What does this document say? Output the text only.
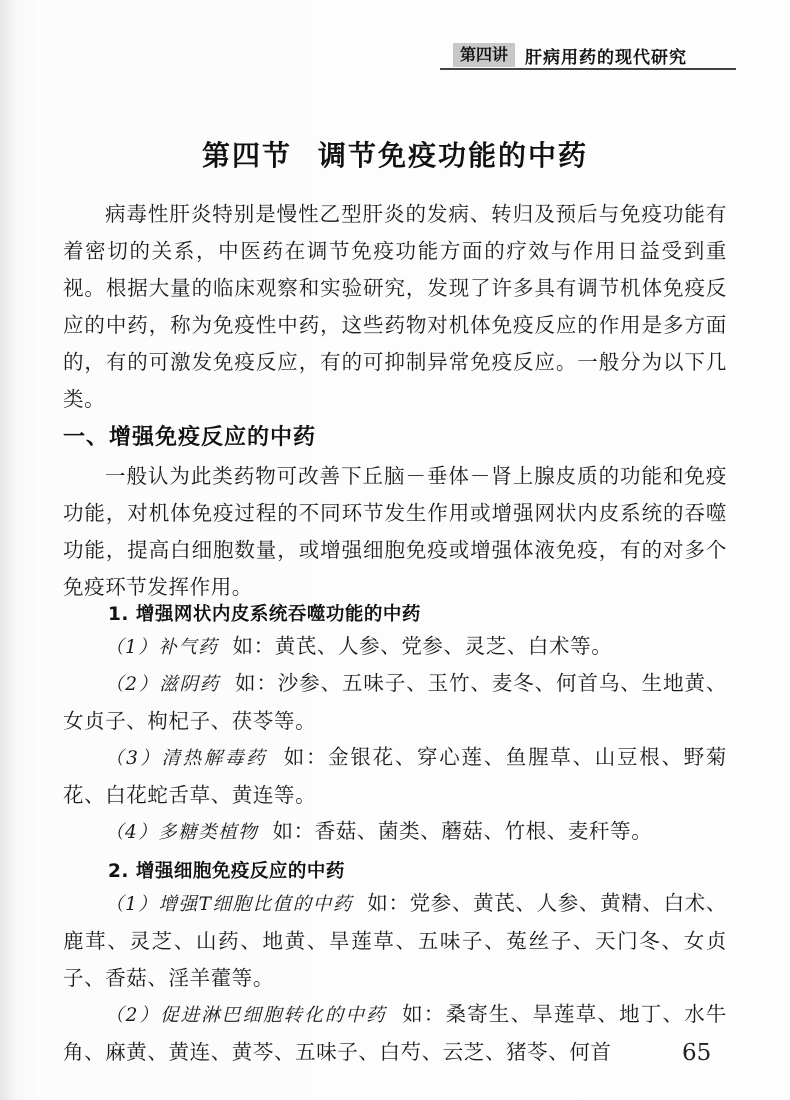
第四讲	肝病用药的现代研究
第四节 调节免疫功能的中药

病毒性肝炎特别是慢性乙型肝炎的发病、转归及预后与免疫功能有着密切的关系，中医药在调节免疫功能方面的疗效与作用日益受到重视。根据大量的临床观察和实验研究，发现了许多具有调节机体免疫反应的中药，称为免疫性中药，这些药物对机体免疫反应的作用是多方面的，有的可激发免疫反应，有的可抑制异常免疫反应。一般分为以下几类。

一、增强免疫反应的中药

一般认为此类药物可改善下丘脑－垂体－肾上腺皮质的功能和免疫功能，对机体免疫过程的不同环节发生作用或增强网状内皮系统的吞噬功能，提高白细胞数量，或增强细胞免疫或增强体液免疫，有的对多个免疫环节发挥作用。

1. 增强网状内皮系统吞噬功能的中药

（1）补气药 如：黄芪、人参、党参、灵芝、白术等。

（2）滋阴药 如：沙参、五味子、玉竹、麦冬、何首乌、生地黄、女贞子、枸杞子、茯苓等。

（3）清热解毒药 如：金银花、穿心莲、鱼腥草、山豆根、野菊花、白花蛇舌草、黄连等。

（4）多糖类植物 如：香菇、菌类、蘑菇、竹根、麦秆等。

2. 增强细胞免疫反应的中药

（1）增强T细胞比值的中药 如：党参、黄芪、人参、黄精、白术、鹿茸、灵芝、山药、地黄、旱莲草、五味子、菟丝子、天门冬、女贞子、香菇、淫羊藿等。

（2）促进淋巴细胞转化的中药 如：桑寄生、旱莲草、地丁、水牛角、麻黄、黄连、黄芩、五味子、白芍、云芝、猪苓、何首	65
